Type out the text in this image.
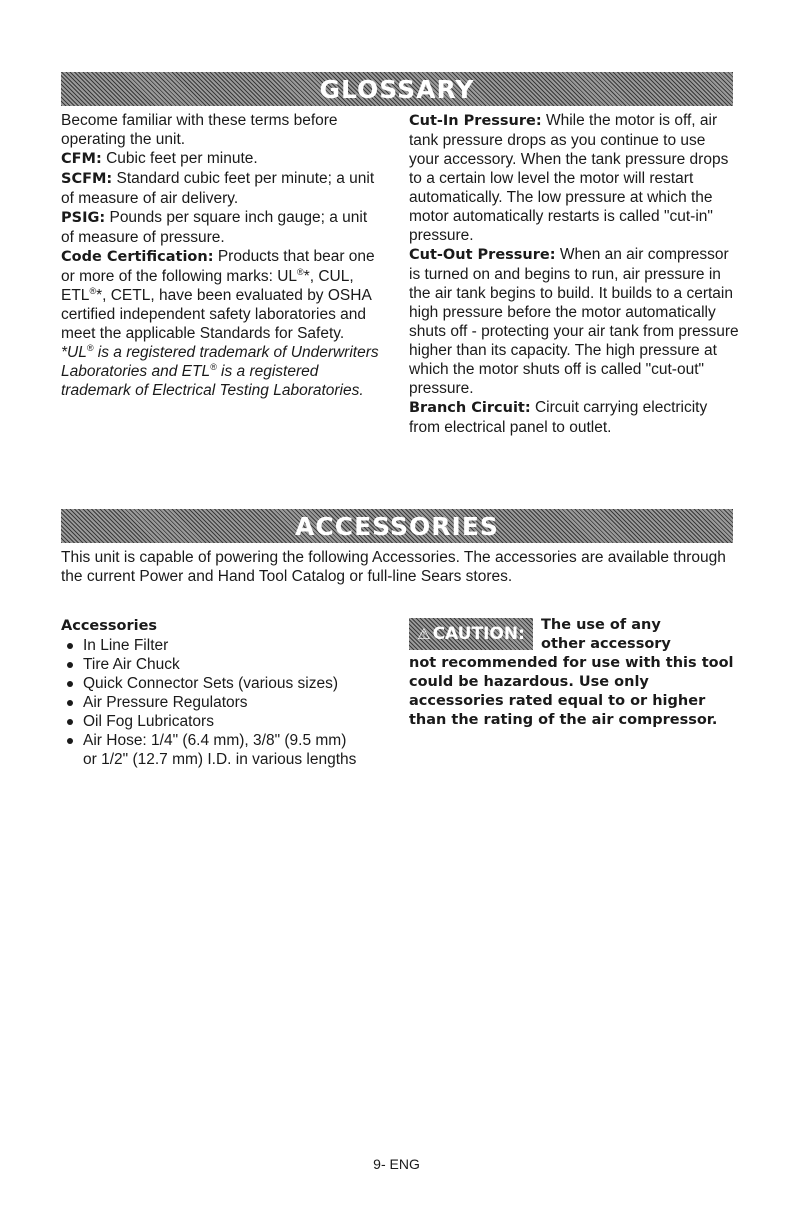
GLOSSARY

Become familiar with these terms before operating the unit.

CFM: Cubic feet per minute.

SCFM: Standard cubic feet per minute; a unit of measure of air delivery.

PSIG: Pounds per square inch gauge; a unit of measure of pressure.

Code Certification: Products that bear one or more of the following marks: UL®*, CUL, ETL®*, CETL, have been evaluated by OSHA certified independent safety laboratories and meet the applicable Standards for Safety.

*UL® is a registered trademark of Underwriters Laboratories and ETL® is a registered trademark of Electrical Testing Laboratories.

Cut-In Pressure: While the motor is off, air tank pressure drops as you continue to use your accessory. When the tank pressure drops to a certain low level the motor will restart automatically. The low pressure at which the motor automatically restarts is called "cut-in" pressure.

Cut-Out Pressure: When an air compressor is turned on and begins to run, air pressure in the air tank begins to build. It builds to a certain high pressure before the motor automatically shuts off - protecting your air tank from pressure higher than its capacity. The high pressure at which the motor shuts off is called "cut-out" pressure.

Branch Circuit: Circuit carrying electricity from electrical panel to outlet.

ACCESSORIES

This unit is capable of powering the following Accessories. The accessories are available through the current Power and Hand Tool Catalog or full-line Sears stores.

Accessories

In Line Filter
Tire Air Chuck
Quick Connector Sets (various sizes)
Air Pressure Regulators
Oil Fog Lubricators
Air Hose: 1/4" (6.4 mm), 3/8" (9.5 mm) or 1/2" (12.7 mm) I.D. in various lengths
⚠ CAUTION: The use of any
other accessory
not recommended for use with this tool could be hazardous. Use only accessories rated equal to or higher than the rating of the air compressor.
9- ENG
